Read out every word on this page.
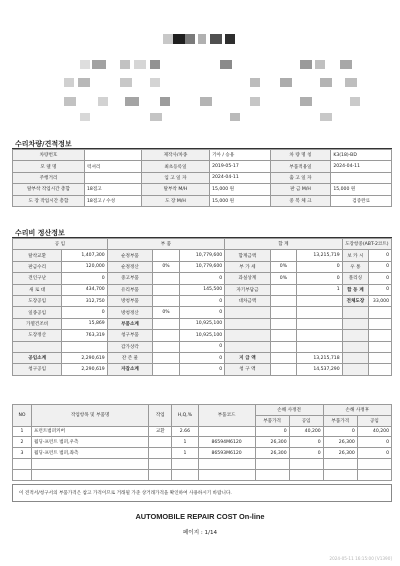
수리차량/견적정보
차량번호		제작사/차종	기아 / 승용	차 량 명 칭	K3(18)-BD
모 델 명	럭셔리	최초등록일	2019-05-17	부품적용일	2024-04-11
주행거리		입 고 일 자	2024-04-11	출 고 일 자	
탈부착 작업시간 총합	18점고	탈부착 M/H	15,000 원	판 금 M/H	15,000 원
도 장 작업시간 총합	18점고 / 수성	도 장 M/H	15,000 원	중 복 체 크	검증완료
수리비 정산정보
공 임		부 품			합 계			도장항중(ABT-2코트)	
탈착교환	1,407,300	순정부품		10,779,600	합계금액		13,215,719	보 카 시	0
판금수리	120,000	순정정산	0%	10,779,600	부 가 세	0%	0	우 퉁	0
견인구난	0	중고부품		0	과실상계	0%	0	폴리싱	0
새 로 대	434,700	유리부품		145,500	자기부담금		1	합 동 계	0
도장공임	312,750	방청부품		0	대차금액			전체도장	33,000
일종공임	0	방청정산	0%	0					
가열건조비	15,869	부품소계		10,925,100					
도장정산	763,319	청구부품		10,925,100					
		감가상각		0					
공임소계	2,290,619	잔 존 물		0	지 급 액		13,215,718		
청구공임	2,290,619	자잡소계		0	청 구 액		14,537,290		
NO	작업항목 및 부품명	작업	H,Q,%	부품코드	손해 사정전		손해 사정후	
					부품가격	공임	부품가격	공임
1	프런트범퍼커버	교환	2.66		0	40,200	0	40,200
2	월딩-프런트 범퍼,우측		1	86594M6120	26,300	0	26,300	0
3	월딩-프런트 범퍼,좌측		1	86593M6120	26,300	0	26,300	0

이 견적서/청구서의 부품가격은 참고 가격이므로 거래될 가준 상거래가격을 확인하여 사용하시기 바랍니다.
AUTOMOBILE REPAIR COST On-line
페이지 : 1/14
2024-05-11 16:15:00 [V1390]
